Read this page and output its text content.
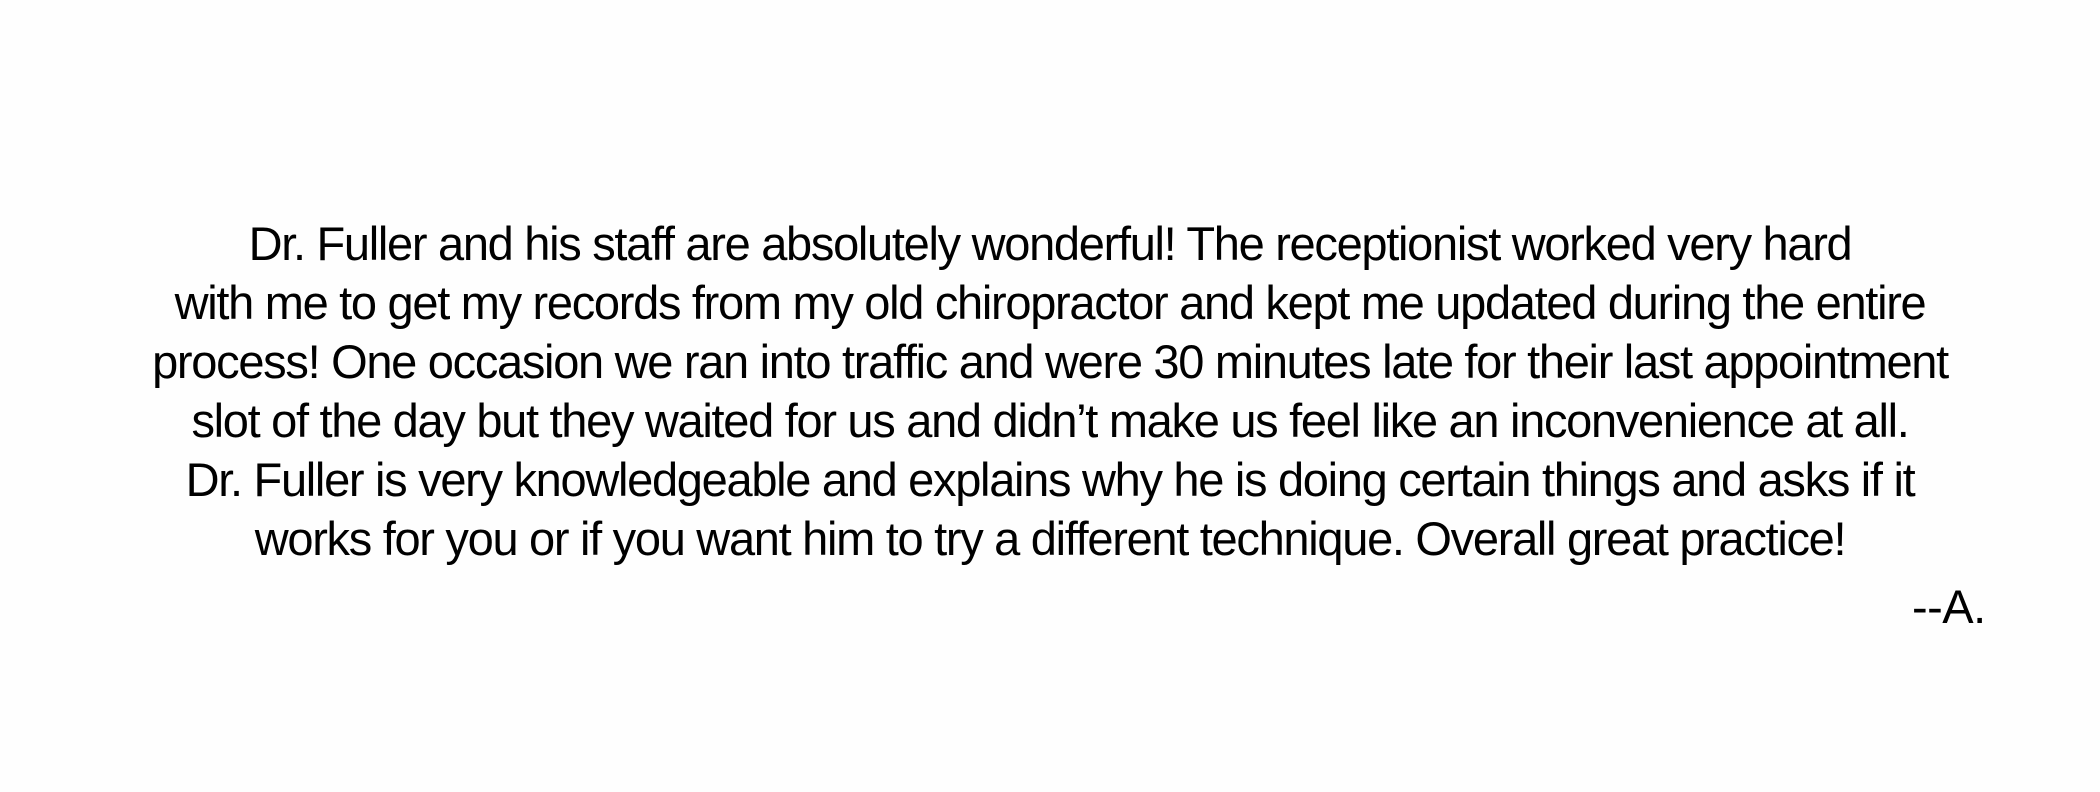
Dr. Fuller and his staff are absolutely wonderful! The receptionist worked very hard

with me to get my records from my old chiropractor and kept me updated during the entire

process! One occasion we ran into traffic and were 30 minutes late for their last appointment

slot of the day but they waited for us and didn’t make us feel like an inconvenience at all.

Dr. Fuller is very knowledgeable and explains why he is doing certain things and asks if it

works for you or if you want him to try a different technique. Overall great practice!

--A.
